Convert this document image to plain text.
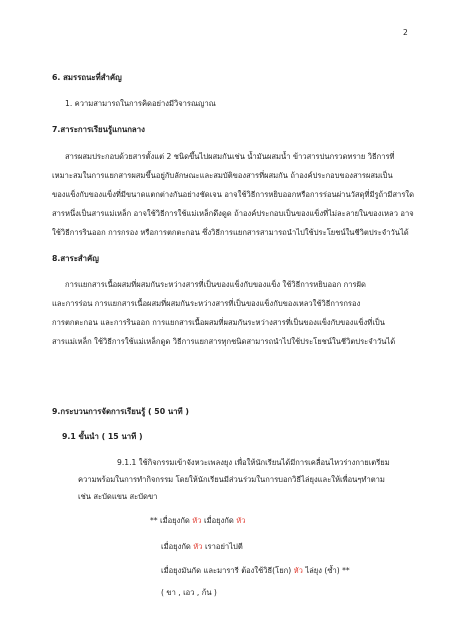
2
6. สมรรถนะที่สำคัญ
1. ความสามารถในการคิดอย่างมีวิจารณญาณ
7.สาระการเรียนรู้แกนกลาง
สารผสมประกอบด้วยสารตั้งแต่ 2 ชนิดขึ้นไปผสมกันเช่น น้ำมันผสมน้ำ ข้าวสารปนกรวดทราย วิธีการที่
เหมาะสมในการแยกสารผสมขึ้นอยู่กับลักษณะและสมบัติของสารที่ผสมกัน ถ้าองค์ประกอบของสารผสมเป็น
ของแข็งกับของแข็งที่มีขนาดแตกต่างกันอย่างชัดเจน อาจใช้วิธีการหยิบออกหรือการร่อนผ่านวัสดุที่มีรูถ้ามีสารใด
สารหนึ่งเป็นสารแม่เหล็ก อาจใช้วิธีการใช้แม่เหล็กดึงดูด ถ้าองค์ประกอบเป็นของแข็งที่ไม่ละลายในของเหลว อาจ
ใช้วิธีการรินออก การกรอง หรือการตกตะกอน ซึ่งวิธีการแยกสารสามารถนำไปใช้ประโยชน์ในชีวิตประจำวันได้
8.สาระสำคัญ
การแยกสารเนื้อผสมที่ผสมกันระหว่างสารที่เป็นของแข็งกับของแข็ง ใช้วิธีการหยิบออก การฝัด
และการร่อน การแยกสารเนื้อผสมที่ผสมกันระหว่างสารที่เป็นของแข็งกับของเหลวใช้วิธีการกรอง
การตกตะกอน และการรินออก การแยกสารเนื้อผสมที่ผสมกันระหว่างสารที่เป็นของแข็งกับของแข็งที่เป็น
สารแม่เหล็ก ใช้วิธีการใช้แม่เหล็กดูด วิธีการแยกสารทุกชนิดสามารถนำไปใช้ประโยชน์ในชีวิตประจำวันได้
9.กระบวนการจัดการเรียนรู้ ( 50 นาที )
9.1 ขั้นนำ ( 15 นาที )
9.1.1 ใช้กิจกรรมเข้าจังหวะเพลงยุง เพื่อให้นักเรียนได้มีการเคลื่อนไหวร่างกายเตรียม
ความพร้อมในการทำกิจกรรม โดยให้นักเรียนมีส่วนร่วมในการบอกวิธีไล่ยุงและให้เพื่อนๆทำตาม
เช่น สะบัดแขน สะบัดขา
** เมื่อยุงกัด หัว เมื่อยุงกัด หัว
เมื่อยุงกัด หัว เราอย่าไปตี
เมื่อยุงมันกัด และมารารี ต้องใช้วิธี(โยก) หัว ไล่ยุง (ซ้ำ) **
( ขา , เอว , ก้น )
